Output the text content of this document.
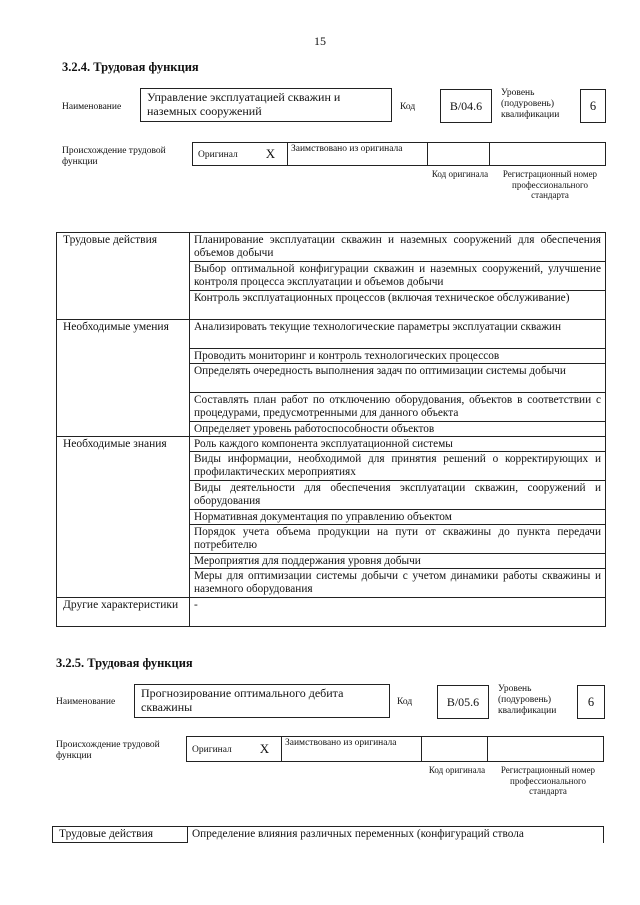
15
3.2.4. Трудовая функция
Наименование
Управление эксплуатацией скважин и наземных сооружений	Код	B/04.6
Уровень (подуровень) квалификации
6
Происхождение трудовой функции
Оригинал	X	Заимствовано из оригинала
Код оригинала	Регистрационный номер профессионального стандарта
Трудовые действия	Планирование эксплуатации скважин и наземных сооружений для обеспечения объемов добычи
	Выбор оптимальной конфигурации скважин и наземных сооружений, улучшение контроля процесса эксплуатации и объемов добычи
	Контроль эксплуатационных процессов (включая техническое обслуживание)
Необходимые умения	Анализировать текущие технологические параметры эксплуатации скважин
	Проводить мониторинг и контроль технологических процессов
	Определять очередность выполнения задач по оптимизации системы добычи
	Составлять план работ по отключению оборудования, объектов в соответствии с процедурами, предусмотренными для данного объекта
	Определяет уровень работоспособности объектов
Необходимые знания	Роль каждого компонента эксплуатационной системы
	Виды информации, необходимой для принятия решений о корректирующих и профилактических мероприятиях
	Виды деятельности для обеспечения эксплуатации скважин, сооружений и оборудования
	Нормативная документация по управлению объектом
	Порядок учета объема продукции на пути от скважины до пункта передачи потребителю
	Мероприятия для поддержания уровня добычи
	Меры для оптимизации системы добычи с учетом динамики работы скважины и наземного оборудования
Другие характеристики	-
3.2.5. Трудовая функция
Наименование
Прогнозирование оптимального дебита скважины	Код	B/05.6
Уровень (подуровень) квалификации
6
Происхождение трудовой функции
Оригинал	X	Заимствовано из оригинала
Код оригинала	Регистрационный номер профессионального стандарта
Трудовые действия	Определение влияния различных переменных (конфигураций ствола
